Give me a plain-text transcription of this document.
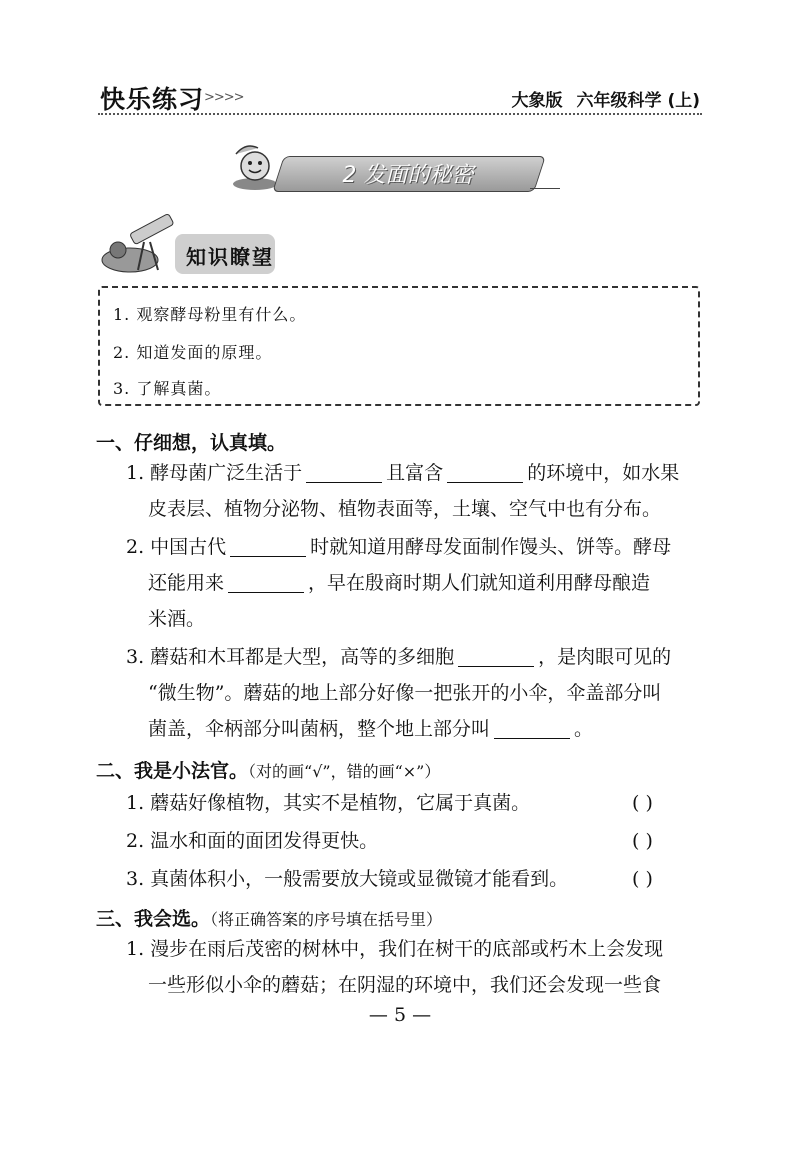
快乐练习 >>>>	大象版 六年级科学 (上)
2 发面的秘密
知识瞭望
1. 观察酵母粉里有什么。
2. 知道发面的原理。
3. 了解真菌。
一、仔细想，认真填。
1. 酵母菌广泛生活于	且富含	的环境中，如水果
皮表层、植物分泌物、植物表面等，土壤、空气中也有分布。
2. 中国古代	时就知道用酵母发面制作馒头、饼等。酵母
还能用来	，早在殷商时期人们就知道利用酵母酿造
米酒。
3. 蘑菇和木耳都是大型，高等的多细胞	，是肉眼可见的
“微生物”。蘑菇的地上部分好像一把张开的小伞，伞盖部分叫
菌盖，伞柄部分叫菌柄，整个地上部分叫	。
二、我是小法官。（对的画“√”，错的画“×”）
1. 蘑菇好像植物，其实不是植物，它属于真菌。	( )
2. 温水和面的面团发得更快。	( )
3. 真菌体积小，一般需要放大镜或显微镜才能看到。	( )
三、我会选。（将正确答案的序号填在括号里）
1. 漫步在雨后茂密的树林中，我们在树干的底部或朽木上会发现
一些形似小伞的蘑菇；在阴湿的环境中，我们还会发现一些食
— 5 —
